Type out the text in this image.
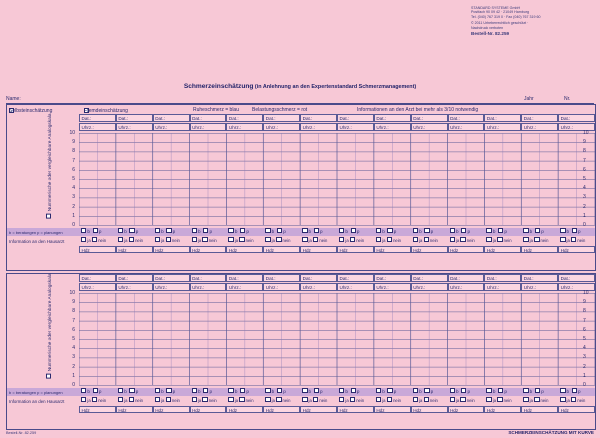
STANDARD SYSTEME GmbH
Postfach 90 09 42 · 21049 Hamburg
Tel. (040) 767 319 0 · Fax (040) 767 319 60
© 2011 Urheberrechtlich geschützt ·
Nachdruck verboten
Bestell-Nr. 82.259
Schmerzeinschätzung (in Anlehnung an den Expertenstandard Schmerzmanagement)
Name:	Jahr	Nr.
Selbsteinschätzung	Fremdeinschätzung	Ruheschmerz = blau	Belastungsschmerz = rot	Informationen an den Arzt bei mehr als 3/10 notwendig
Dat.:	Dat.:	Dat.:	Dat.:	Dat.:	Dat.:	Dat.:	Dat.:	Dat.:	Dat.:	Dat.:	Dat.:	Dat.:	Dat.:
Uhrz.:	Uhrz.:	Uhrz.:	Uhrz.:	Uhrz.:	Uhrz.:	Uhrz.:	Uhrz.:	Uhrz.:	Uhrz.:	Uhrz.:	Uhrz.:	Uhrz.:	Uhrz.:
Nummerische oder vergleichbare Analogskala	10	10
9	9
8	8
7	7
6	6
5	5
4	4
3	3
2	2
1	1
0	0
b = beratungen p = planungen	b p	b p	b p	b p	b p	b p	b p	b p	b p	b p	b p	b p	b p	b p
Information an den Hausarzt	ja nein	ja nein	ja nein	ja nein	ja nein	ja nein	ja nein	ja nein	ja nein	ja nein	ja nein	ja nein	ja nein	ja nein
Hdz	Hdz	Hdz	Hdz	Hdz	Hdz	Hdz	Hdz	Hdz	Hdz	Hdz	Hdz	Hdz	Hdz
Dat.:	Dat.:	Dat.:	Dat.:	Dat.:	Dat.:	Dat.:	Dat.:	Dat.:	Dat.:	Dat.:	Dat.:	Dat.:	Dat.:
Uhrz.:	Uhrz.:	Uhrz.:	Uhrz.:	Uhrz.:	Uhrz.:	Uhrz.:	Uhrz.:	Uhrz.:	Uhrz.:	Uhrz.:	Uhrz.:	Uhrz.:	Uhrz.:
Nummerische oder vergleichbare Analogskala	10	10
9	9
8	8
7	7
6	6
5	5
4	4
3	3
2	2
1	1
0	0
b = beratungen p = planungen	b p	b p	b p	b p	b p	b p	b p	b p	b p	b p	b p	b p	b p	b p
Information an den Hausarzt	ja nein	ja nein	ja nein	ja nein	ja nein	ja nein	ja nein	ja nein	ja nein	ja nein	ja nein	ja nein	ja nein	ja nein
Hdz	Hdz	Hdz	Hdz	Hdz	Hdz	Hdz	Hdz	Hdz	Hdz	Hdz	Hdz	Hdz	Hdz
Bestell-Nr. 82.259	SCHMERZEINSCHÄTZUNG MIT KURVE
